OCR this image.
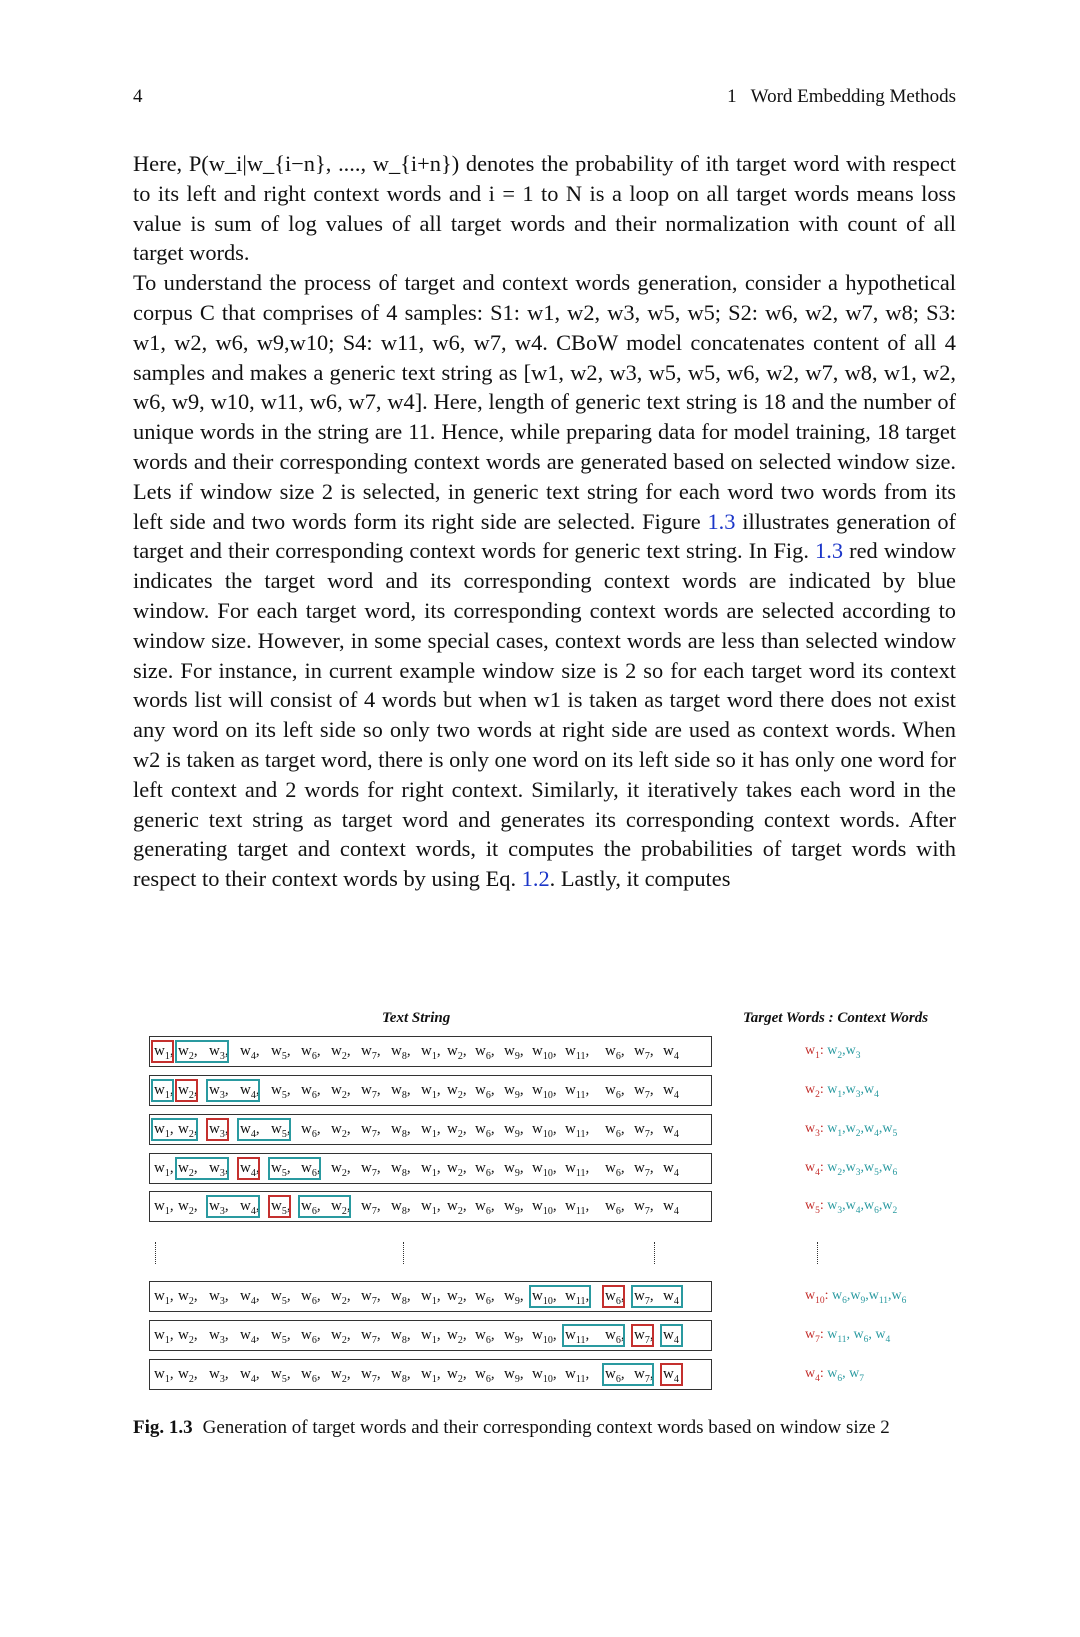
4	1 Word Embedding Methods

Here, P(w_i|w_{i−n}, ...., w_{i+n}) denotes the probability of ith target word with respect to its left and right context words and i = 1 to N is a loop on all target words means loss value is sum of log values of all target words and their normalization with count of all target words.

To understand the process of target and context words generation, consider a hypothetical corpus C that comprises of 4 samples: S1: w1, w2, w3, w5, w5; S2: w6, w2, w7, w8; S3: w1, w2, w6, w9,w10; S4: w11, w6, w7, w4. CBoW model concatenates content of all 4 samples and makes a generic text string as [w1, w2, w3, w5, w5, w6, w2, w7, w8, w1, w2, w6, w9, w10, w11, w6, w7, w4]. Here, length of generic text string is 18 and the number of unique words in the string are 11. Hence, while preparing data for model training, 18 target words and their corresponding context words are generated based on selected window size. Lets if window size 2 is selected, in generic text string for each word two words from its left side and two words form its right side are selected. Figure 1.3 illustrates generation of target and their corresponding context words for generic text string. In Fig. 1.3 red window indicates the target word and its corresponding context words are indicated by blue window. For each target word, its corresponding context words are selected according to window size. However, in some special cases, context words are less than selected window size. For instance, in current example window size is 2 so for each target word its context words list will consist of 4 words but when w1 is taken as target word there does not exist any word on its left side so only two words at right side are used as context words. When w2 is taken as target word, there is only one word on its left side so it has only one word for left context and 2 words for right context. Similarly, it iteratively takes each word in the generic text string as target word and generates its corresponding context words. After generating target and context words, it computes the probabilities of target words with respect to their context words by using Eq. 1.2. Lastly, it computes

Text String	Target Words : Context Words
$w_1$, $w_2$, $w_3$, $w_4$, $w_5$, $w_6$, $w_2$, $w_7$, $w_8$, $w_1$, $w_2$, $w_6$, $w_9$, $w_{10}$, $w_{11}$, $w_6$, $w_7$, $w_4$	$w_1$: $w_2,w_3$
$w_1$, $w_2$, $w_3$, $w_4$, $w_5$, $w_6$, $w_2$, $w_7$, $w_8$, $w_1$, $w_2$, $w_6$, $w_9$, $w_{10}$, $w_{11}$, $w_6$, $w_7$, $w_4$	$w_2$: $w_1,w_3,w_4$
$w_1$, $w_2$, $w_3$, $w_4$, $w_5$, $w_6$, $w_2$, $w_7$, $w_8$, $w_1$, $w_2$, $w_6$, $w_9$, $w_{10}$, $w_{11}$, $w_6$, $w_7$, $w_4$	$w_3$: $w_1,w_2,w_4,w_5$
$w_1$, $w_2$, $w_3$, $w_4$, $w_5$, $w_6$, $w_2$, $w_7$, $w_8$, $w_1$, $w_2$, $w_6$, $w_9$, $w_{10}$, $w_{11}$, $w_6$, $w_7$, $w_4$	$w_4$: $w_2,w_3,w_5,w_6$
$w_1$, $w_2$, $w_3$, $w_4$, $w_5$, $w_6$, $w_2$, $w_7$, $w_8$, $w_1$, $w_2$, $w_6$, $w_9$, $w_{10}$, $w_{11}$, $w_6$, $w_7$, $w_4$	$w_5$: $w_3,w_4,w_6,w_2$
$w_1$, $w_2$, $w_3$, $w_4$, $w_5$, $w_6$, $w_2$, $w_7$, $w_8$, $w_1$, $w_2$, $w_6$, $w_9$, $w_{10}$, $w_{11}$, $w_6$, $w_7$, $w_4$	$w_{10}$: $w_6,w_9,w_{11},w_6$
$w_1$, $w_2$, $w_3$, $w_4$, $w_5$, $w_6$, $w_2$, $w_7$, $w_8$, $w_1$, $w_2$, $w_6$, $w_9$, $w_{10}$, $w_{11}$, $w_6$, $w_7$, $w_4$	$w_7$: $w_{11}$, $w_6$, $w_4$
$w_1$, $w_2$, $w_3$, $w_4$, $w_5$, $w_6$, $w_2$, $w_7$, $w_8$, $w_1$, $w_2$, $w_6$, $w_9$, $w_{10}$, $w_{11}$, $w_6$, $w_7$, $w_4$	$w_4$: $w_6$, $w_7$
Fig. 1.3 Generation of target words and their corresponding context words based on window size 2
